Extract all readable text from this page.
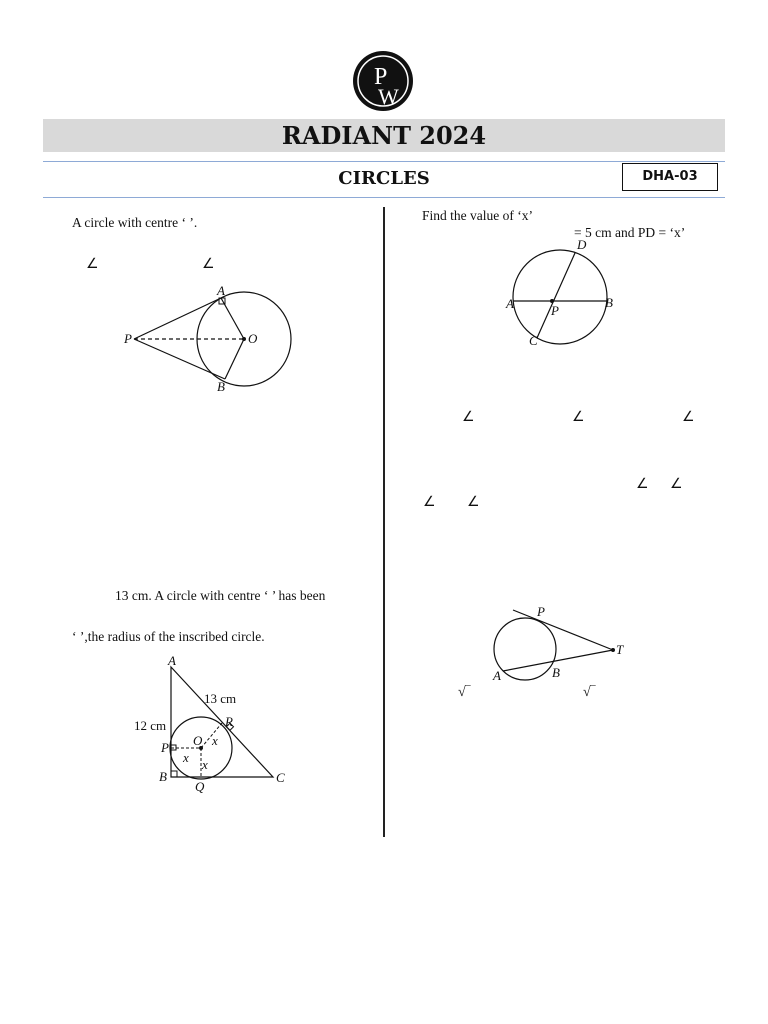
P
W
RADIANT 2024
CIRCLES	DHA-03
A circle with centre ‘ ’.
∠	∠
A
P	O
B
13 cm. A circle with centre ‘ ’ has been
‘ ’,the radius of the inscribed circle.
A
B	C
P
Q
R
O
x
x
x
12 cm
13 cm
Find the value of ‘x’
= 5 cm and PD = ‘x’
D
A	P
B
C
∠	∠	∠
∠ ∠
∠ ∠
P
T
A	B
√‾	√‾
